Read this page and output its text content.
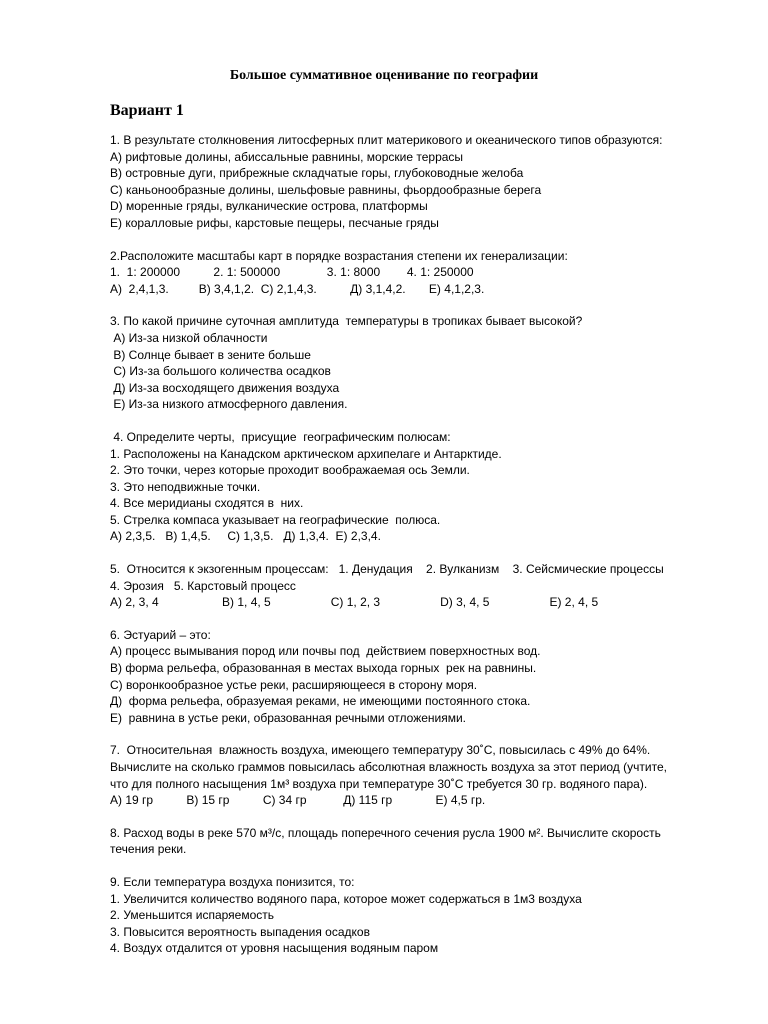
Большое суммативное оценивание по географии
Вариант 1
1. В результате столкновения литосферных плит материкового и океанического типов образуются:
А) рифтовые долины, абиссальные равнины, морские террасы
В) островные дуги, прибрежные складчатые горы, глубоководные желоба
С) каньонообразные долины, шельфовые равнины, фьордообразные берега
D) моренные гряды, вулканические острова, платформы
Е) коралловые рифы, карстовые пещеры, песчаные гряды
2.Расположите масштабы карт в порядке возрастания степени их генерализации:
1.  1: 200000          2. 1: 500000              3. 1: 8000        4. 1: 250000
А)  2,4,1,3.         В) 3,4,1,2.  С) 2,1,4,3.          Д) 3,1,4,2.       Е) 4,1,2,3.
3. По какой причине суточная амплитуда  температуры в тропиках бывает высокой?
А) Из-за низкой облачности
В) Солнце бывает в зените больше
С) Из-за большого количества осадков
Д) Из-за восходящего движения воздуха
Е) Из-за низкого атмосферного давления.
4. Определите черты,  присущие  географическим полюсам:
1. Расположены на Канадском арктическом архипелаге и Антарктиде.
2. Это точки, через которые проходит воображаемая ось Земли.
3. Это неподвижные точки.
4. Все меридианы сходятся в  них.
5. Стрелка компаса указывает на географические  полюса.
А) 2,3,5.   В) 1,4,5.     С) 1,3,5.   Д) 1,3,4.  Е) 2,3,4.
5.  Относится к экзогенным процессам:   1. Денудация    2. Вулканизм    3. Сейсмические процессы
4. Эрозия   5. Карстовый процесс
А) 2, 3, 4                   В) 1, 4, 5                  С) 1, 2, 3                  D) 3, 4, 5                  Е) 2, 4, 5
6. Эстуарий – это:
А) процесс вымывания пород или почвы под  действием поверхностных вод.
В) форма рельефа, образованная в местах выхода горных  рек на равнины.
С) воронкообразное устье реки, расширяющееся в сторону моря.
Д)  форма рельефа, образуемая реками, не имеющими постоянного стока.
Е)  равнина в устье реки, образованная речными отложениями.
7.  Относительная  влажность воздуха, имеющего температуру 30˚С, повысилась с 49% до 64%.
Вычислите на сколько граммов повысилась абсолютная влажность воздуха за этот период (учтите,
что для полного насыщения 1м³ воздуха при температуре 30˚С требуется 30 гр. водяного пара).
А) 19 гр          В) 15 гр          С) 34 гр           Д) 115 гр             Е) 4,5 гр.
8. Расход воды в реке 570 м³/с, площадь поперечного сечения русла 1900 м². Вычислите скорость
течения реки.
9. Если температура воздуха понизится, то:
1. Увеличится количество водяного пара, которое может содержаться в 1м3 воздуха
2. Уменьшится испаряемость
3. Повысится вероятность выпадения осадков
4. Воздух отдалится от уровня насыщения водяным паром
